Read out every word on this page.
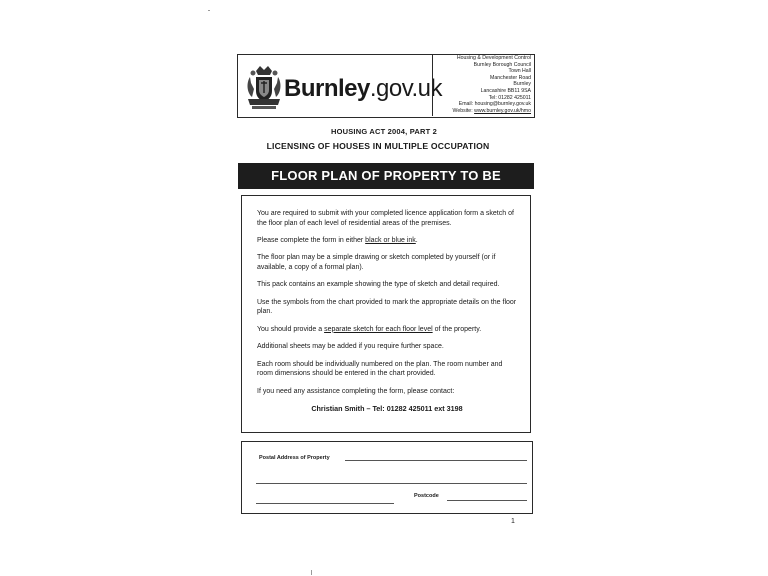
Burnley.gov.uk
Housing & Development Control
Burnley Borough Council
Town Hall
Manchester Road
Burnley
Lancashire BB11 9SA
Tel: 01282 425011
Email: housing@burnley.gov.uk
Website: www.burnley.gov.uk/hmo
HOUSING ACT 2004, PART 2
LICENSING OF HOUSES IN MULTIPLE OCCUPATION
FLOOR PLAN OF PROPERTY TO BE LICENSED

You are required to submit with your completed licence application form a sketch of the floor plan of each level of residential areas of the premises.

Please complete the form in either black or blue ink.

The floor plan may be a simple drawing or sketch completed by yourself (or if available, a copy of a formal plan).

This pack contains an example showing the type of sketch and detail required.

Use the symbols from the chart provided to mark the appropriate details on the floor plan.

You should provide a separate sketch for each floor level of the property.

Additional sheets may be added if you require further space.

Each room should be individually numbered on the plan. The room number and room dimensions should be entered in the chart provided.

If you need any assistance completing the form, please contact:

Christian Smith – Tel: 01282 425011 ext 3198

Postal Address of Property
Postcode
1
